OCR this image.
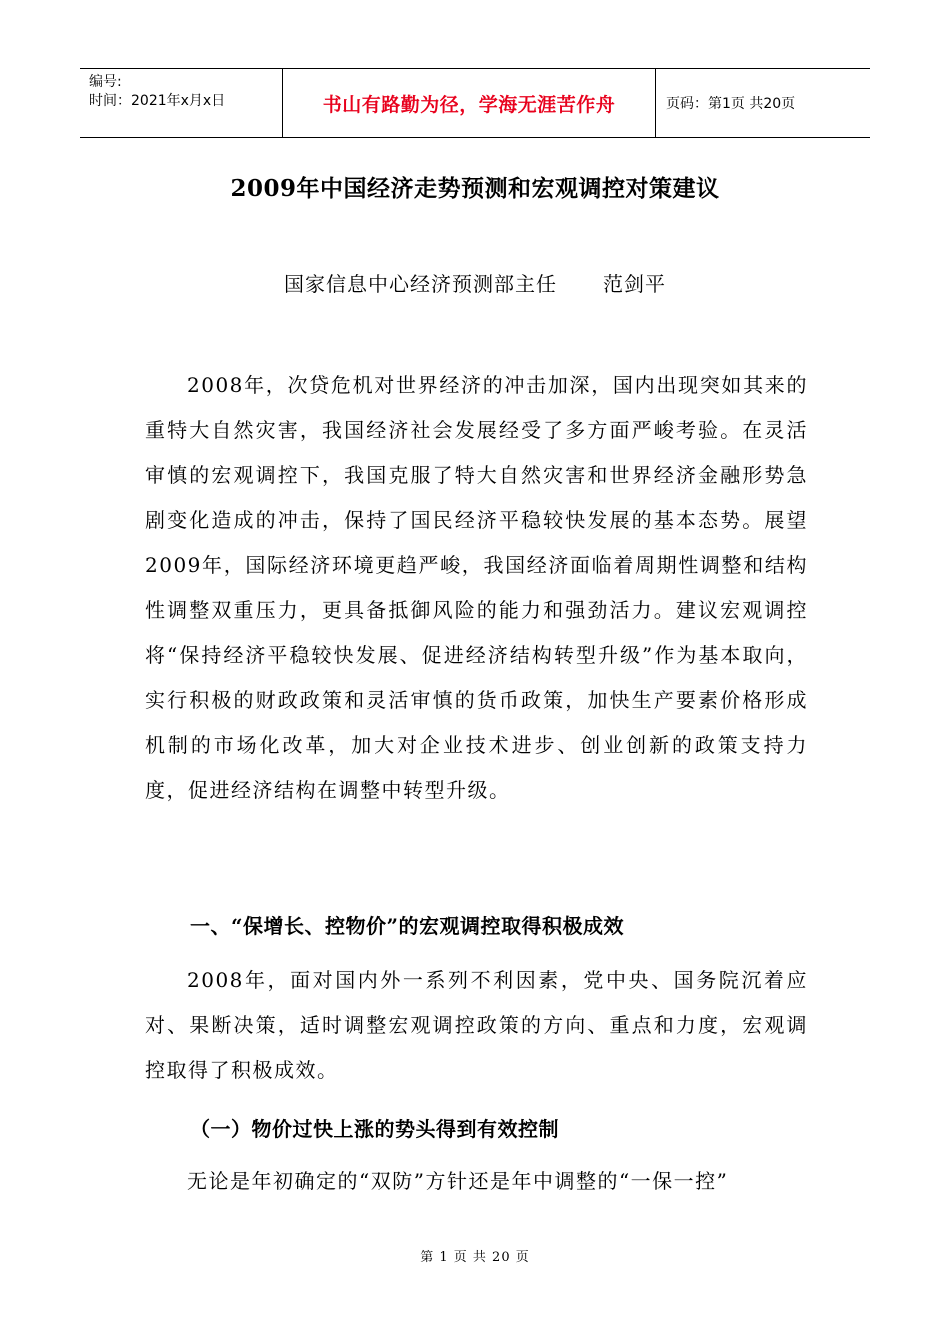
编号:
时间：2021年x月x日	书山有路勤为径，学海无涯苦作舟	页码：第1页 共20页
2009年中国经济走势预测和宏观调控对策建议
国家信息中心经济预测部主任 范剑平

2008年，次贷危机对世界经济的冲击加深，国内出现突如其来的重特大自然灾害，我国经济社会发展经受了多方面严峻考验。在灵活审慎的宏观调控下，我国克服了特大自然灾害和世界经济金融形势急剧变化造成的冲击，保持了国民经济平稳较快发展的基本态势。展望2009年，国际经济环境更趋严峻，我国经济面临着周期性调整和结构性调整双重压力，更具备抵御风险的能力和强劲活力。建议宏观调控将“保持经济平稳较快发展、促进经济结构转型升级”作为基本取向，实行积极的财政政策和灵活审慎的货币政策，加快生产要素价格形成机制的市场化改革，加大对企业技术进步、创业创新的政策支持力度，促进经济结构在调整中转型升级。

一、“保增长、控物价”的宏观调控取得积极成效

2008年，面对国内外一系列不利因素，党中央、国务院沉着应对、果断决策，适时调整宏观调控政策的方向、重点和力度，宏观调控取得了积极成效。

（一）物价过快上涨的势头得到有效控制

无论是年初确定的“双防”方针还是年中调整的“一保一控”

第 1 页 共 20 页
